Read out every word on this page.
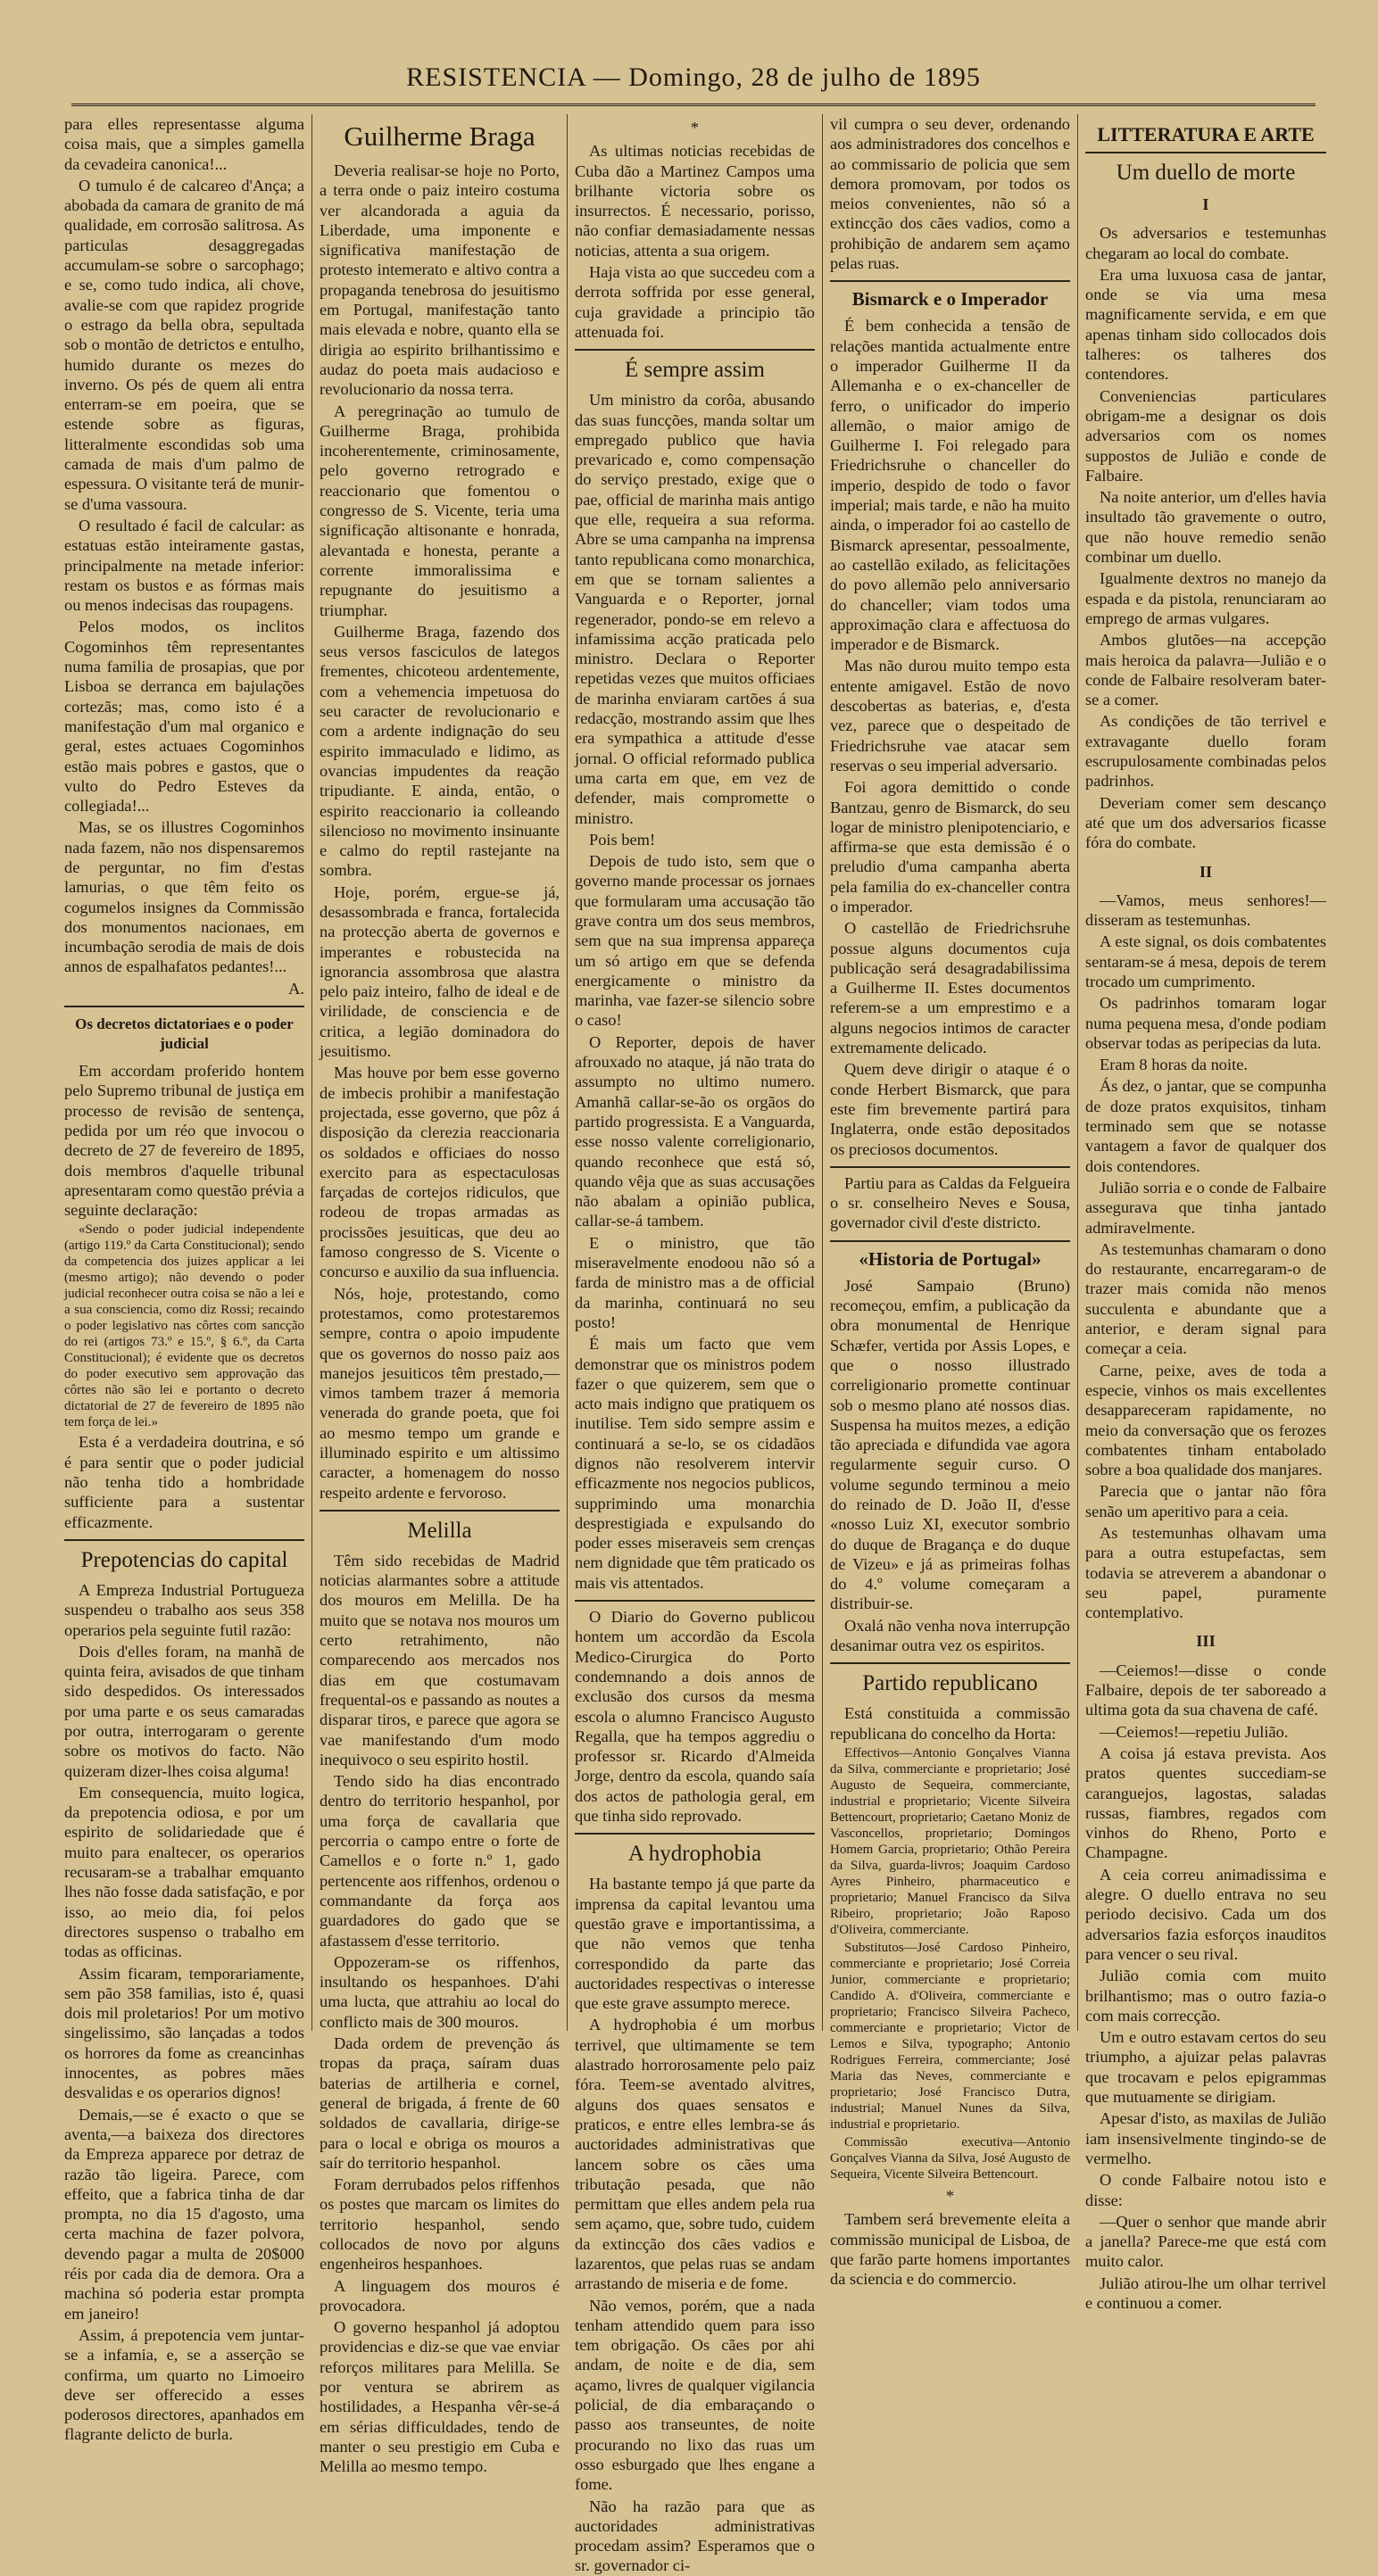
RESISTENCIA — Domingo, 28 de julho de 1895

para elles representasse alguma coisa mais, que a simples gamella da cevadeira canonica!...

O tumulo é de calcareo d'Ança; a abobada da camara de granito de má qualidade, em corrosão salitrosa. As particulas desaggregadas accumulam-se sobre o sarcophago; e se, como tudo indica, ali chove, avalie-se com que rapidez progride o estrago da bella obra, sepultada sob o montão de detrictos e entulho, humido durante os mezes do inverno. Os pés de quem ali entra enterram-se em poeira, que se estende sobre as figuras, litteralmente escondidas sob uma camada de mais d'um palmo de espessura. O visitante terá de munir-se d'uma vassoura.

O resultado é facil de calcular: as estatuas estão inteiramente gastas, principalmente na metade inferior: restam os bustos e as fórmas mais ou menos indecisas das roupagens.

Pelos modos, os inclitos Cogominhos têm representantes numa familia de prosapias, que por Lisboa se derranca em bajulações cortezãs; mas, como isto é a manifestação d'um mal organico e geral, estes actuaes Cogominhos estão mais pobres e gastos, que o vulto do Pedro Esteves da collegiada!...

Mas, se os illustres Cogominhos nada fazem, não nos dispensaremos de perguntar, no fim d'estas lamurias, o que têm feito os cogumelos insignes da Commissão dos monumentos nacionaes, em incumbação serodia de mais de dois annos de espalhafatos pedantes!...

A.
Os decretos dictatoriaes e o poder judicial

Em accordam proferido hontem pelo Supremo tribunal de justiça em processo de revisão de sentença, pedida por um réo que invocou o decreto de 27 de fevereiro de 1895, dois membros d'aquelle tribunal apresentaram como questão prévia a seguinte declaração:

«Sendo o poder judicial independente (artigo 119.º da Carta Constitucional); sendo da competencia dos juizes applicar a lei (mesmo artigo); não devendo o poder judicial reconhecer outra coisa se não a lei e a sua consciencia, como diz Rossi; recaindo o poder legislativo nas côrtes com sancção do rei (artigos 73.º e 15.º, § 6.º, da Carta Constitucional); é evidente que os decretos do poder executivo sem approvação das côrtes não são lei e portanto o decreto dictatorial de 27 de fevereiro de 1895 não tem força de lei.»

Esta é a verdadeira doutrina, e só é para sentir que o poder judicial não tenha tido a hombridade sufficiente para a sustentar efficazmente.

Prepotencias do capital

A Empreza Industrial Portugueza suspendeu o trabalho aos seus 358 operarios pela seguinte futil razão:

Dois d'elles foram, na manhã de quinta feira, avisados de que tinham sido despedidos. Os interessados por uma parte e os seus camaradas por outra, interrogaram o gerente sobre os motivos do facto. Não quizeram dizer-lhes coisa alguma!

Em consequencia, muito logica, da prepotencia odiosa, e por um espirito de solidariedade que é muito para enaltecer, os operarios recusaram-se a trabalhar emquanto lhes não fosse dada satisfação, e por isso, ao meio dia, foi pelos directores suspenso o trabalho em todas as officinas.

Assim ficaram, temporariamente, sem pão 358 familias, isto é, quasi dois mil proletarios! Por um motivo singelissimo, são lançadas a todos os horrores da fome as creancinhas innocentes, as pobres mães desvalidas e os operarios dignos!

Demais,—se é exacto o que se aventa,—a baixeza dos directores da Empreza apparece por detraz de razão tão ligeira. Parece, com effeito, que a fabrica tinha de dar prompta, no dia 15 d'agosto, uma certa machina de fazer polvora, devendo pagar a multa de 20$000 réis por cada dia de demora. Ora a machina só poderia estar prompta em janeiro!

Assim, á prepotencia vem juntar-se a infamia, e, se a asserção se confirma, um quarto no Limoeiro deve ser offerecido a esses poderosos directores, apanhados em flagrante delicto de burla.

Guilherme Braga

Deveria realisar-se hoje no Porto, a terra onde o paiz inteiro costuma ver alcandorada a aguia da Liberdade, uma imponente e significativa manifestação de protesto intemerato e altivo contra a propaganda tenebrosa do jesuitismo em Portugal, manifestação tanto mais elevada e nobre, quanto ella se dirigia ao espirito brilhantissimo e audaz do poeta mais audacioso e revolucionario da nossa terra.

A peregrinação ao tumulo de Guilherme Braga, prohibida incoherentemente, criminosamente, pelo governo retrogrado e reaccionario que fomentou o congresso de S. Vicente, teria uma significação altisonante e honrada, alevantada e honesta, perante a corrente immoralissima e repugnante do jesuitismo a triumphar.

Guilherme Braga, fazendo dos seus versos fasciculos de lategos frementes, chicoteou ardentemente, com a vehemencia impetuosa do seu caracter de revolucionario e com a ardente indignação do seu espirito immaculado e lidimo, as ovancias impudentes da reação tripudiante. E ainda, então, o espirito reaccionario ia colleando silencioso no movimento insinuante e calmo do reptil rastejante na sombra.

Hoje, porém, ergue-se já, desassombrada e franca, fortalecida na protecção aberta de governos e imperantes e robustecida na ignorancia assombrosa que alastra pelo paiz inteiro, falho de ideal e de virilidade, de consciencia e de critica, a legião dominadora do jesuitismo.

Mas houve por bem esse governo de imbecis prohibir a manifestação projectada, esse governo, que pôz á disposição da clerezia reaccionaria os soldados e officiaes do nosso exercito para as espectaculosas farçadas de cortejos ridiculos, que rodeou de tropas armadas as procissões jesuiticas, que deu ao famoso congresso de S. Vicente o concurso e auxilio da sua influencia.

Nós, hoje, protestando, como protestamos, como protestaremos sempre, contra o apoio impudente que os governos do nosso paiz aos manejos jesuiticos têm prestado,—vimos tambem trazer á memoria venerada do grande poeta, que foi ao mesmo tempo um grande e illuminado espirito e um altissimo caracter, a homenagem do nosso respeito ardente e fervoroso.

Melilla

Têm sido recebidas de Madrid noticias alarmantes sobre a attitude dos mouros em Melilla. De ha muito que se notava nos mouros um certo retrahimento, não comparecendo aos mercados nos dias em que costumavam frequental-os e passando as noutes a disparar tiros, e parece que agora se vae manifestando d'um modo inequivoco o seu espirito hostil.

Tendo sido ha dias encontrado dentro do territorio hespanhol, por uma força de cavallaria que percorria o campo entre o forte de Camellos e o forte n.º 1, gado pertencente aos riffenhos, ordenou o commandante da força aos guardadores do gado que se afastassem d'esse territorio.

Oppozeram-se os riffenhos, insultando os hespanhoes. D'ahi uma lucta, que attrahiu ao local do conflicto mais de 300 mouros.

Dada ordem de prevenção ás tropas da praça, saíram duas baterias de artilheria e cornel, general de brigada, á frente de 60 soldados de cavallaria, dirige-se para o local e obriga os mouros a saír do territorio hespanhol.

Foram derrubados pelos riffenhos os postes que marcam os limites do territorio hespanhol, sendo collocados de novo por alguns engenheiros hespanhoes.

A linguagem dos mouros é provocadora.

O governo hespanhol já adoptou providencias e diz-se que vae enviar reforços militares para Melilla. Se por ventura se abrirem as hostilidades, a Hespanha vêr-se-á em sérias difficuldades, tendo de manter o seu prestigio em Cuba e Melilla ao mesmo tempo.

*

As ultimas noticias recebidas de Cuba dão a Martinez Campos uma brilhante victoria sobre os insurrectos. É necessario, porisso, não confiar demasiadamente nessas noticias, attenta a sua origem.

Haja vista ao que succedeu com a derrota soffrida por esse general, cuja gravidade a principio tão attenuada foi.

É sempre assim

Um ministro da corôa, abusando das suas funcções, manda soltar um empregado publico que havia prevaricado e, como compensação do serviço prestado, exige que o pae, official de marinha mais antigo que elle, requeira a sua reforma. Abre se uma campanha na imprensa tanto republicana como monarchica, em que se tornam salientes a Vanguarda e o Reporter, jornal regenerador, pondo-se em relevo a infamissima acção praticada pelo ministro. Declara o Reporter repetidas vezes que muitos officiaes de marinha enviaram cartões á sua redacção, mostrando assim que lhes era sympathica a attitude d'esse jornal. O official reformado publica uma carta em que, em vez de defender, mais compromette o ministro.

Pois bem!

Depois de tudo isto, sem que o governo mande processar os jornaes que formularam uma accusação tão grave contra um dos seus membros, sem que na sua imprensa appareça um só artigo em que se defenda energicamente o ministro da marinha, vae fazer-se silencio sobre o caso!

O Reporter, depois de haver afrouxado no ataque, já não trata do assumpto no ultimo numero. Amanhã callar-se-ão os orgãos do partido progressista. E a Vanguarda, esse nosso valente correligionario, quando reconhece que está só, quando vêja que as suas accusações não abalam a opinião publica, callar-se-á tambem.

E o ministro, que tão miseravelmente enodoou não só a farda de ministro mas a de official da marinha, continuará no seu posto!

É mais um facto que vem demonstrar que os ministros podem fazer o que quizerem, sem que o acto mais indigno que pratiquem os inutilise. Tem sido sempre assim e continuará a se-lo, se os cidadãos dignos não resolverem intervir efficazmente nos negocios publicos, supprimindo uma monarchia desprestigiada e expulsando do poder esses miseraveis sem crenças nem dignidade que têm praticado os mais vis attentados.

O Diario do Governo publicou hontem um accordão da Escola Medico-Cirurgica do Porto condemnando a dois annos de exclusão dos cursos da mesma escola o alumno Francisco Augusto Regalla, que ha tempos aggrediu o professor sr. Ricardo d'Almeida Jorge, dentro da escola, quando saía dos actos de pathologia geral, em que tinha sido reprovado.

A hydrophobia

Ha bastante tempo já que parte da imprensa da capital levantou uma questão grave e importantissima, a que não vemos que tenha correspondido da parte das auctoridades respectivas o interesse que este grave assumpto merece.

A hydrophobia é um morbus terrivel, que ultimamente se tem alastrado horrorosamente pelo paiz fóra. Teem-se aventado alvitres, alguns dos quaes sensatos e praticos, e entre elles lembra-se ás auctoridades administrativas que lancem sobre os cães uma tributação pesada, que não permittam que elles andem pela rua sem açamo, que, sobre tudo, cuidem da extincção dos cães vadios e lazarentos, que pelas ruas se andam arrastando de miseria e de fome.

Não vemos, porém, que a nada tenham attendido quem para isso tem obrigação. Os cães por ahi andam, de noite e de dia, sem açamo, livres de qualquer vigilancia policial, de dia embaraçando o passo aos transeuntes, de noite procurando no lixo das ruas um osso esburgado que lhes engane a fome.

Não ha razão para que as auctoridades administrativas procedam assim? Esperamos que o sr. governador ci-

vil cumpra o seu dever, ordenando aos administradores dos concelhos e ao commissario de policia que sem demora promovam, por todos os meios convenientes, não só a extincção dos cães vadios, como a prohibição de andarem sem açamo pelas ruas.

Bismarck e o Imperador

É bem conhecida a tensão de relações mantida actualmente entre o imperador Guilherme II da Allemanha e o ex-chanceller de ferro, o unificador do imperio allemão, o maior amigo de Guilherme I. Foi relegado para Friedrichsruhe o chanceller do imperio, despido de todo o favor imperial; mais tarde, e não ha muito ainda, o imperador foi ao castello de Bismarck apresentar, pessoalmente, ao castellão exilado, as felicitações do povo allemão pelo anniversario do chanceller; viam todos uma approximação clara e affectuosa do imperador e de Bismarck.

Mas não durou muito tempo esta entente amigavel. Estão de novo descobertas as baterias, e, d'esta vez, parece que o despeitado de Friedrichsruhe vae atacar sem reservas o seu imperial adversario.

Foi agora demittido o conde Bantzau, genro de Bismarck, do seu logar de ministro plenipotenciario, e affirma-se que esta demissão é o preludio d'uma campanha aberta pela familia do ex-chanceller contra o imperador.

O castellão de Friedrichsruhe possue alguns documentos cuja publicação será desagradabilissima a Guilherme II. Estes documentos referem-se a um emprestimo e a alguns negocios intimos de caracter extremamente delicado.

Quem deve dirigir o ataque é o conde Herbert Bismarck, que para este fim brevemente partirá para Inglaterra, onde estão depositados os preciosos documentos.

Partiu para as Caldas da Felgueira o sr. conselheiro Neves e Sousa, governador civil d'este districto.

«Historia de Portugal»

José Sampaio (Bruno) recomeçou, emfim, a publicação da obra monumental de Henrique Schæfer, vertida por Assis Lopes, e que o nosso illustrado correligionario promette continuar sob o mesmo plano até nossos dias. Suspensa ha muitos mezes, a edição tão apreciada e difundida vae agora regularmente seguir curso. O volume segundo terminou a meio do reinado de D. João II, d'esse «nosso Luiz XI, executor sombrio do duque de Bragança e do duque de Vizeu» e já as primeiras folhas do 4.º volume começaram a distribuir-se.

Oxalá não venha nova interrupção desanimar outra vez os espiritos.

Partido republicano

Está constituida a commissão republicana do concelho da Horta:

Effectivos—Antonio Gonçalves Vianna da Silva, commerciante e proprietario; José Augusto de Sequeira, commerciante, industrial e proprietario; Vicente Silveira Bettencourt, proprietario; Caetano Moniz de Vasconcellos, proprietario; Domingos Homem Garcia, proprietario; Othão Pereira da Silva, guarda-livros; Joaquim Cardoso Ayres Pinheiro, pharmaceutico e proprietario; Manuel Francisco da Silva Ribeiro, proprietario; João Raposo d'Oliveira, commerciante.

Substitutos—José Cardoso Pinheiro, commerciante e proprietario; José Correia Junior, commerciante e proprietario; Candido A. d'Oliveira, commerciante e proprietario; Francisco Silveira Pacheco, commerciante e proprietario; Victor de Lemos e Silva, typographo; Antonio Rodrigues Ferreira, commerciante; José Maria das Neves, commerciante e proprietario; José Francisco Dutra, industrial; Manuel Nunes da Silva, industrial e proprietario.

Commissão executiva—Antonio Gonçalves Vianna da Silva, José Augusto de Sequeira, Vicente Silveira Bettencourt.

*

Tambem será brevemente eleita a commissão municipal de Lisboa, de que farão parte homens importantes da sciencia e do commercio.

LITTERATURA E ARTE
Um duello de morte
I

Os adversarios e testemunhas chegaram ao local do combate.

Era uma luxuosa casa de jantar, onde se via uma mesa magnificamente servida, e em que apenas tinham sido collocados dois talheres: os talheres dos contendores.

Conveniencias particulares obrigam-me a designar os dois adversarios com os nomes suppostos de Julião e conde de Falbaire.

Na noite anterior, um d'elles havia insultado tão gravemente o outro, que não houve remedio senão combinar um duello.

Igualmente dextros no manejo da espada e da pistola, renunciaram ao emprego de armas vulgares.

Ambos glutões—na accepção mais heroica da palavra—Julião e o conde de Falbaire resolveram bater-se a comer.

As condições de tão terrivel e extravagante duello foram escrupulosamente combinadas pelos padrinhos.

Deveriam comer sem descanço até que um dos adversarios ficasse fóra do combate.

II

—Vamos, meus senhores!—disseram as testemunhas.

A este signal, os dois combatentes sentaram-se á mesa, depois de terem trocado um cumprimento.

Os padrinhos tomaram logar numa pequena mesa, d'onde podiam observar todas as peripecias da luta.

Eram 8 horas da noite.

Ás dez, o jantar, que se compunha de doze pratos exquisitos, tinham terminado sem que se notasse vantagem a favor de qualquer dos dois contendores.

Julião sorria e o conde de Falbaire assegurava que tinha jantado admiravelmente.

As testemunhas chamaram o dono do restaurante, encarregaram-o de trazer mais comida não menos succulenta e abundante que a anterior, e deram signal para começar a ceia.

Carne, peixe, aves de toda a especie, vinhos os mais excellentes desappareceram rapidamente, no meio da conversação que os ferozes combatentes tinham entabolado sobre a boa qualidade dos manjares.

Parecia que o jantar não fôra senão um aperitivo para a ceia.

As testemunhas olhavam uma para a outra estupefactas, sem todavia se atreverem a abandonar o seu papel, puramente contemplativo.

III

—Ceiemos!—disse o conde Falbaire, depois de ter saboreado a ultima gota da sua chavena de café.

—Ceiemos!—repetiu Julião.

A coisa já estava prevista. Aos pratos quentes succediam-se caranguejos, lagostas, saladas russas, fiambres, regados com vinhos do Rheno, Porto e Champagne.

A ceia correu animadissima e alegre. O duello entrava no seu periodo decisivo. Cada um dos adversarios fazia esforços inauditos para vencer o seu rival.

Julião comia com muito brilhantismo; mas o outro fazia-o com mais correcção.

Um e outro estavam certos do seu triumpho, a ajuizar pelas palavras que trocavam e pelos epigrammas que mutuamente se dirigiam.

Apesar d'isto, as maxilas de Julião iam insensivelmente tingindo-se de vermelho.

O conde Falbaire notou isto e disse:

—Quer o senhor que mande abrir a janella? Parece-me que está com muito calor.

Julião atirou-lhe um olhar terrivel e continuou a comer.
